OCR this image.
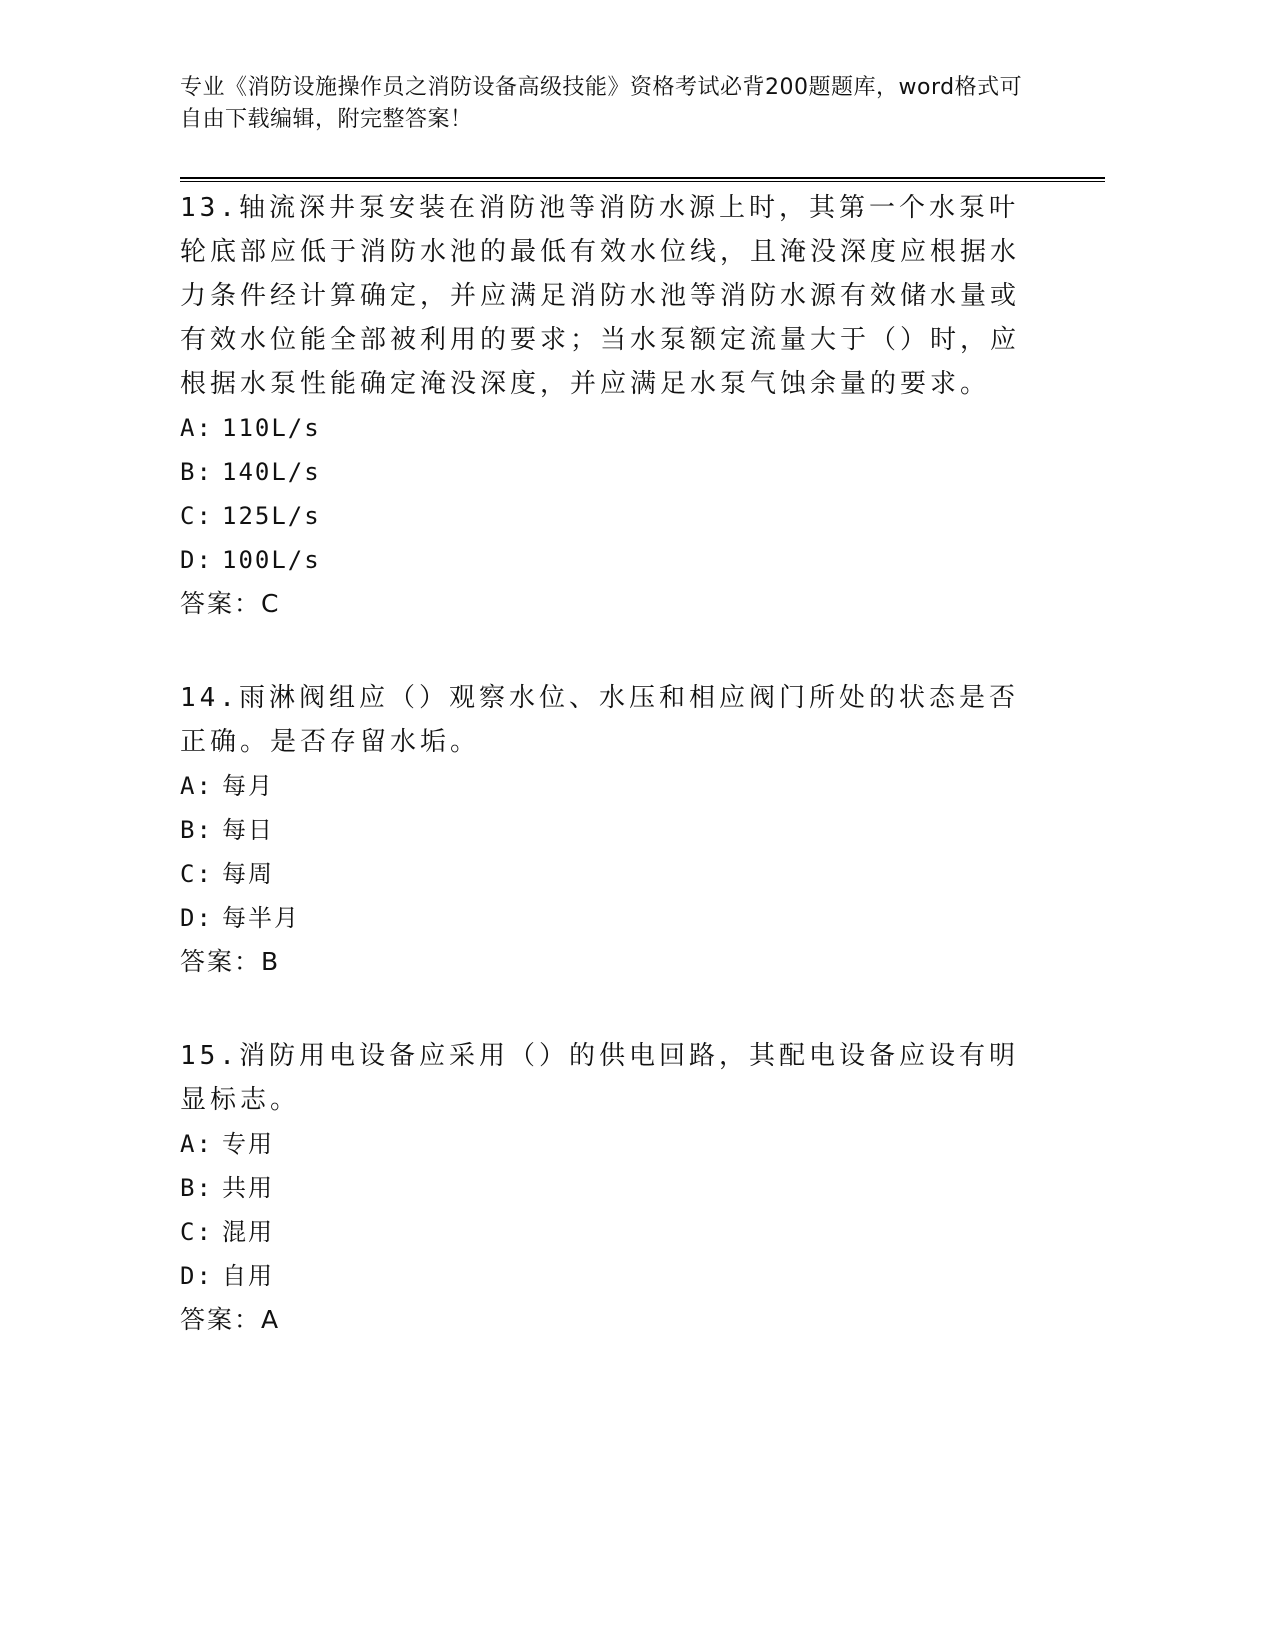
专业《消防设施操作员之消防设备高级技能》资格考试必背200题题库，word格式可自由下载编辑，附完整答案！

13.轴流深井泵安装在消防池等消防水源上时，其第一个水泵叶轮底部应低于消防水池的最低有效水位线，且淹没深度应根据水力条件经计算确定，并应满足消防水池等消防水源有效储水量或有效水位能全部被利用的要求；当水泵额定流量大于（）时，应根据水泵性能确定淹没深度，并应满足水泵气蚀余量的要求。

A: 110L/s
B: 140L/s
C: 125L/s
D: 100L/s
答案：C

14.雨淋阀组应（）观察水位、水压和相应阀门所处的状态是否正确。是否存留水垢。

A: 每月
B: 每日
C: 每周
D: 每半月
答案：B

15.消防用电设备应采用（）的供电回路，其配电设备应设有明显标志。

A: 专用
B: 共用
C: 混用
D: 自用
答案：A
